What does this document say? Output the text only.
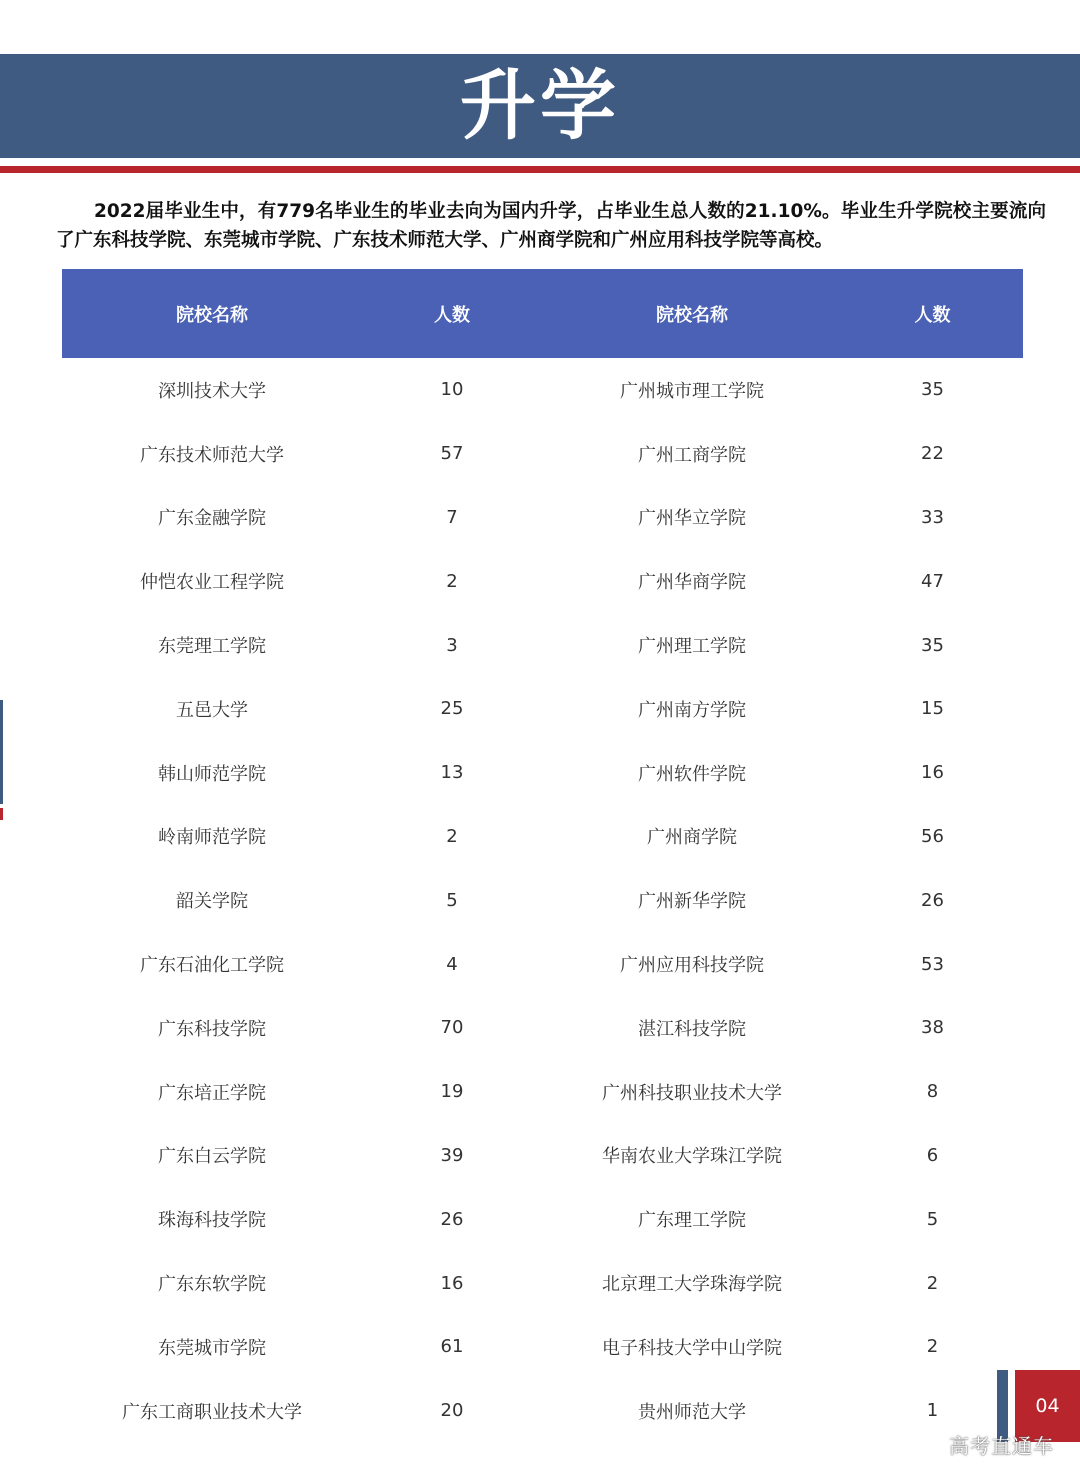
升学

2022届毕业生中，有779名毕业生的毕业去向为国内升学，占毕业生总人数的21.10%。毕业生升学院校主要流向了广东科技学院、东莞城市学院、广东技术师范大学、广州商学院和广州应用科技学院等高校。

院校名称	人数	院校名称	人数
深圳技术大学	10	广州城市理工学院	35
广东技术师范大学	57	广州工商学院	22
广东金融学院	7	广州华立学院	33
仲恺农业工程学院	2	广州华商学院	47
东莞理工学院	3	广州理工学院	35
五邑大学	25	广州南方学院	15
韩山师范学院	13	广州软件学院	16
岭南师范学院	2	广州商学院	56
韶关学院	5	广州新华学院	26
广东石油化工学院	4	广州应用科技学院	53
广东科技学院	70	湛江科技学院	38
广东培正学院	19	广州科技职业技术大学	8
广东白云学院	39	华南农业大学珠江学院	6
珠海科技学院	26	广东理工学院	5
广东东软学院	16	北京理工大学珠海学院	2
东莞城市学院	61	电子科技大学中山学院	2
广东工商职业技术大学	20	贵州师范大学	1	04
高考直通车
